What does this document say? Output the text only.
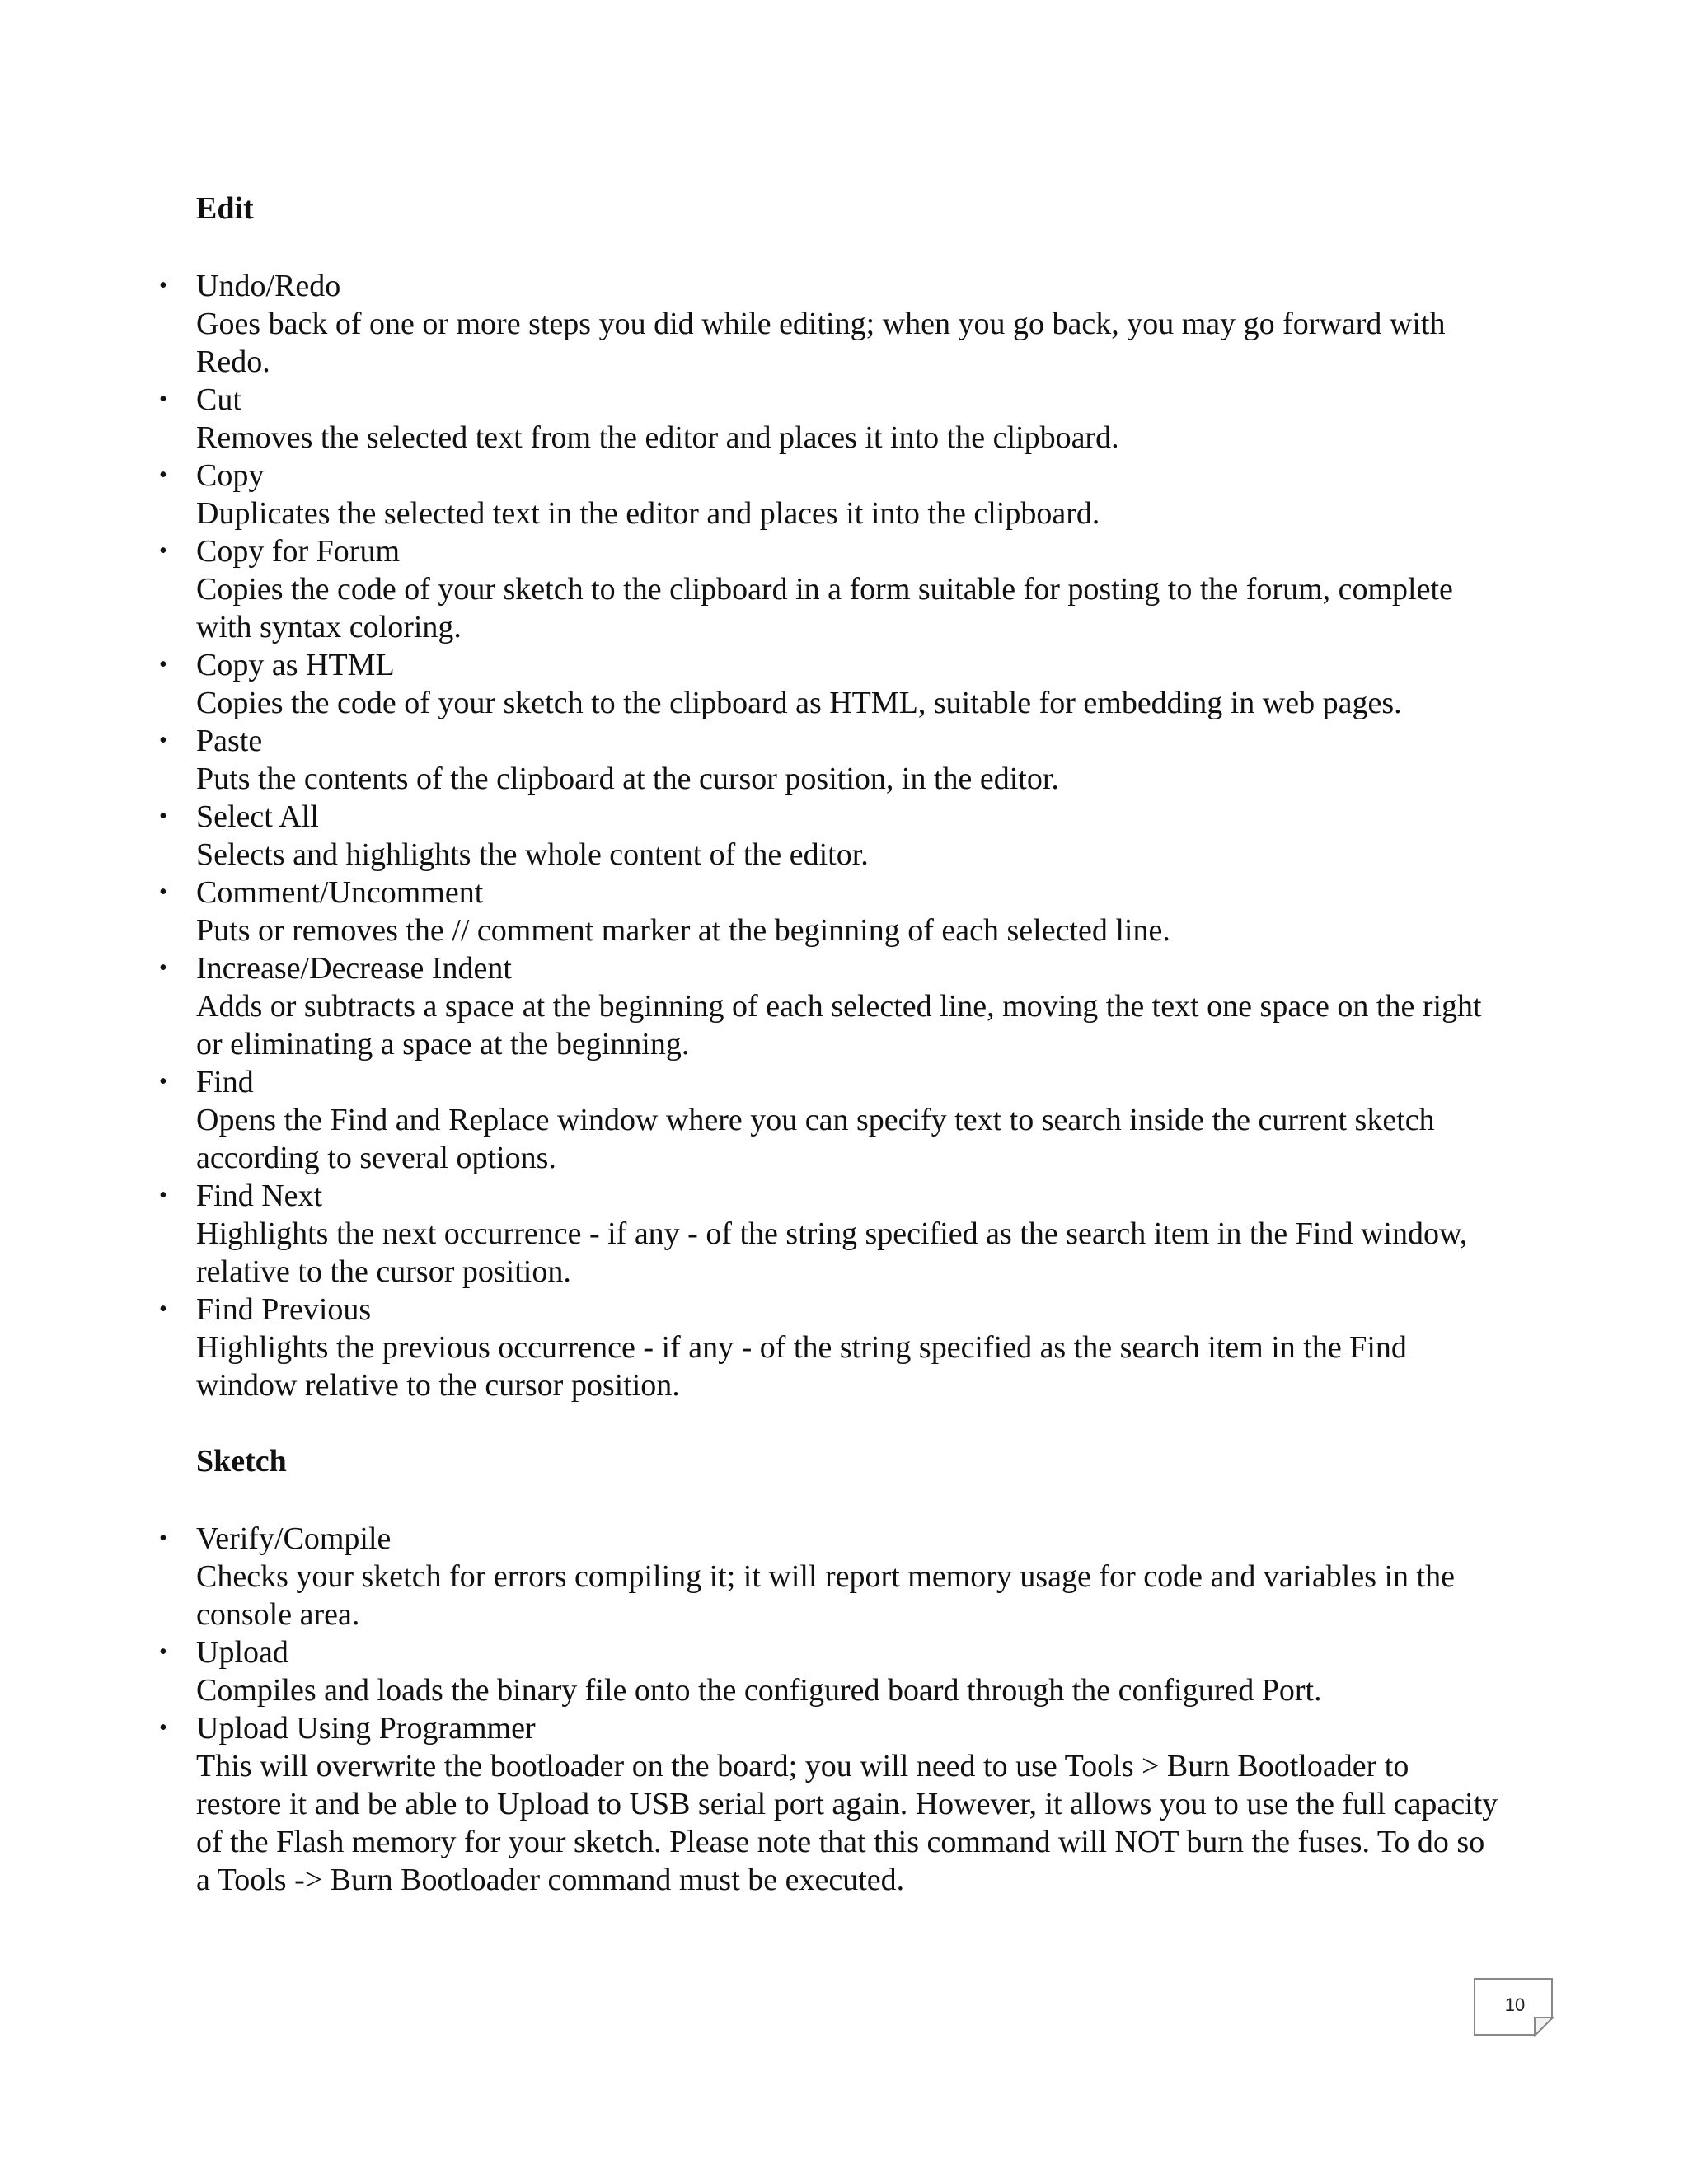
Edit
• Undo/Redo
Goes back of one or more steps you did while editing; when you go back, you may go forward with Redo.
• Cut
Removes the selected text from the editor and places it into the clipboard.
• Copy
Duplicates the selected text in the editor and places it into the clipboard.
• Copy for Forum
Copies the code of your sketch to the clipboard in a form suitable for posting to the forum, complete with syntax coloring.
• Copy as HTML
Copies the code of your sketch to the clipboard as HTML, suitable for embedding in web pages.
• Paste
Puts the contents of the clipboard at the cursor position, in the editor.
• Select All
Selects and highlights the whole content of the editor.
• Comment/Uncomment
Puts or removes the // comment marker at the beginning of each selected line.
• Increase/Decrease Indent
Adds or subtracts a space at the beginning of each selected line, moving the text one space on the right or eliminating a space at the beginning.
• Find
Opens the Find and Replace window where you can specify text to search inside the current sketch according to several options.
• Find Next
Highlights the next occurrence - if any - of the string specified as the search item in the Find window, relative to the cursor position.
• Find Previous
Highlights the previous occurrence - if any - of the string specified as the search item in the Find window relative to the cursor position.
Sketch
• Verify/Compile
Checks your sketch for errors compiling it; it will report memory usage for code and variables in the console area.
• Upload
Compiles and loads the binary file onto the configured board through the configured Port.
• Upload Using Programmer
This will overwrite the bootloader on the board; you will need to use Tools > Burn Bootloader to restore it and be able to Upload to USB serial port again. However, it allows you to use the full capacity of the Flash memory for your sketch. Please note that this command will NOT burn the fuses. To do so a Tools -> Burn Bootloader command must be executed.
10
